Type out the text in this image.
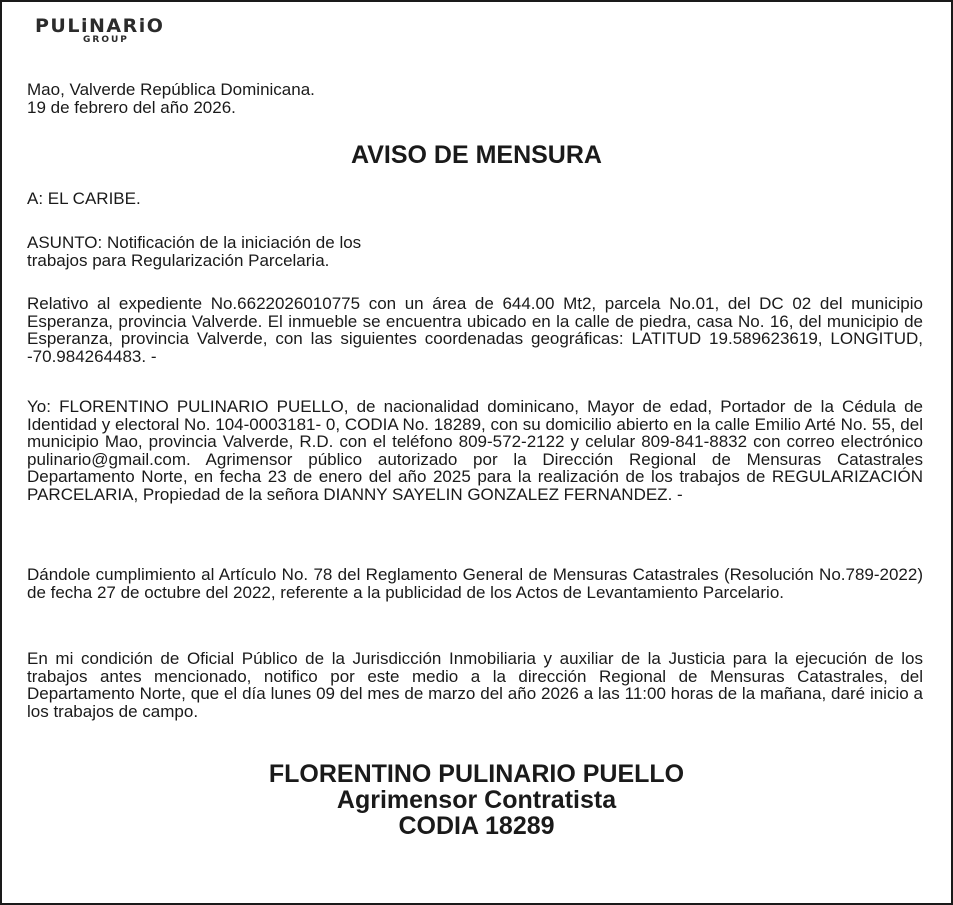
PULiNARiO
GROUP

Mao, Valverde República Dominicana.
19 de febrero del año 2026.

AVISO DE MENSURA

A: EL CARIBE.

ASUNTO: Notificación de la iniciación de los
trabajos para Regularización Parcelaria.

Relativo al expediente No.6622026010775 con un área de 644.00 Mt2, parcela No.01, del DC 02 del municipio Esperanza, provincia Valverde. El inmueble se encuentra ubicado en la calle de piedra, casa No. 16, del municipio de Esperanza, provincia Valverde, con las siguientes coordenadas geográficas: LATITUD 19.589623619, LONGITUD, -70.984264483. -

Yo: FLORENTINO PULINARIO PUELLO, de nacionalidad dominicano, Mayor de edad, Portador de la Cédula de Identidad y electoral No. 104-0003181- 0, CODIA No. 18289, con su domicilio abierto en la calle Emilio Arté No. 55, del municipio Mao, provincia Valverde, R.D. con el teléfono 809-572-2122 y celular 809-841-8832 con correo electrónico pulinario@gmail.com. Agrimensor público autorizado por la Dirección Regional de Mensuras Catastrales Departamento Norte, en fecha 23 de enero del año 2025 para la realización de los trabajos de REGULARIZACIÓN PARCELARIA, Propiedad de la señora DIANNY SAYELIN GONZALEZ FERNANDEZ. -

Dándole cumplimiento al Artículo No. 78 del Reglamento General de Mensuras Catastrales (Resolución No.789-2022) de fecha 27 de octubre del 2022, referente a la publicidad de los Actos de Levantamiento Parcelario.

En mi condición de Oficial Público de la Jurisdicción Inmobiliaria y auxiliar de la Justicia para la ejecución de los trabajos antes mencionado, notifico por este medio a la dirección Regional de Mensuras Catastrales, del Departamento Norte, que el día lunes 09 del mes de marzo del año 2026 a las 11:00 horas de la mañana, daré inicio a los trabajos de campo.

FLORENTINO PULINARIO PUELLO
Agrimensor Contratista
CODIA 18289
